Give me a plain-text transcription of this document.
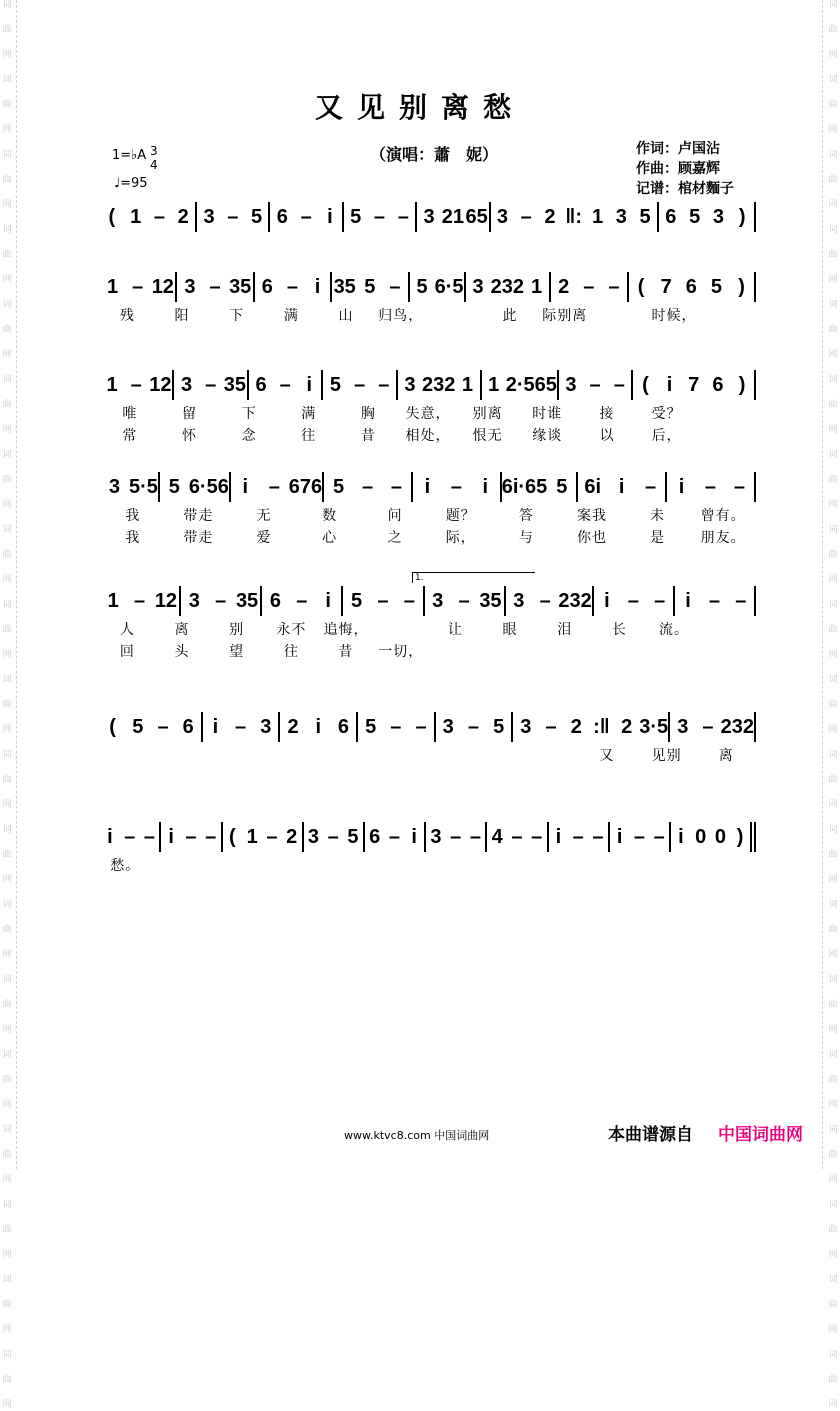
词
曲
网
词
曲
网
词
曲
网
词
曲
网
词
曲
网
词
曲
网
词
曲
网
词
曲
网
词
曲
网
词
曲
网
词
曲
网
词
曲
网
词
曲
网
词
曲
网
词
曲
网
词
曲
网
词
曲
网
词
曲
网
词
曲
网
词
曲
网
词
曲
网
词
曲
网
词
曲
网
词
曲
网
词
曲
网
词
曲
网
词
曲
网
词
曲
网
词
曲
网
词
曲
网
词
曲
网
词
曲
网
词
曲
网
词
曲
网
词
曲
网
词
曲
网
词
曲
网
词
曲
网
又见别离愁
（演唱：蕭　妮）	作词：卢国沾
作曲：顾嘉辉
记谱：棺材麵子
1=♭A 3
4
♩=95
( 1 – 2 3 – 5 6 – i 5 – – 3 21 65 3 – 2 ‖: 1 3 5 6 5 3 )
1 – 12 3 – 35 6 – i 35 5 – 5 6·5 3 232 1 2 – – ( 7 6 5 )
残	阳	下	满	山	归鸟，	此	际别离	时候，
1 – 12 3 – 35 6 – i 5 – – 3 232 1 1 2·565 3 – – ( i 7 6 )
唯	留	下	满	胸	失意，	别离	时谁	接	受？
常	怀	念	往	昔	相处，	恨无	缘谈	以	后，
3 5·5 5 6·56 i	– 676 5 – –	i	–	i 6i·65 5 6i i	–	i	– –
我	带走	无	数	问	题？	答	案我	未	曾有。
我	带走	爱	心	之	际，	与	你也	是	朋友。
1 – 12 3 – 35 6 – i	5 – – 3 – 35 3 – 232 i – –	i – –
1.
人	离	别	永不	追悔，	让	眼	泪	长	流。
回	头	望	往	昔	一切，
( 5 – 6 i – 3 2 i 6 5 – – 3 – 5 3 – 2 :‖ 2 3·5 3 – 232
又	见别	离
i – – i – – ( 1 – 2 3 – 5 6 – i 3 – – 4 – – i – – i – – i 0 0 )
愁。
www.ktvc8.com 中国词曲网	本曲谱源自 中国词曲网
